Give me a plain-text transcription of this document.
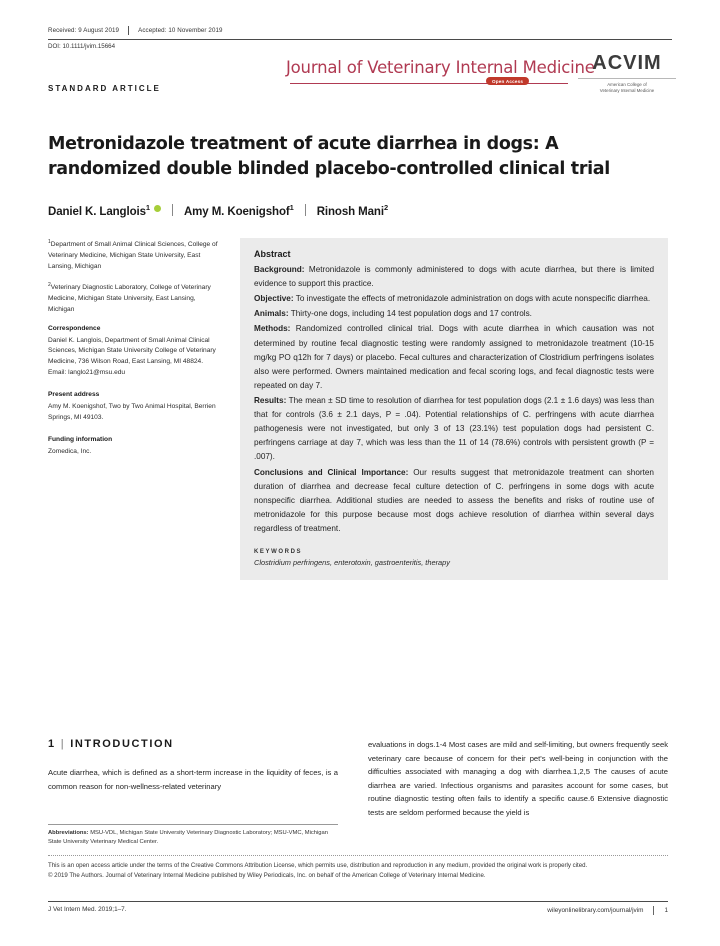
Received: 9 August 2019	Accepted: 10 November 2019
DOI: 10.1111/jvim.15664
STANDARD ARTICLE
Journal of Veterinary Internal Medicine
Open Access
ACVIM
American College of
Veterinary Internal Medicine
Metronidazole treatment of acute diarrhea in dogs: A randomized double blinded placebo-controlled clinical trial
Daniel K. Langlois$^1$	Amy M. Koenigshof$^1$ Rinosh Mani$^2$

$^1$Department of Small Animal Clinical Sciences, College of Veterinary Medicine, Michigan State University, East Lansing, Michigan

$^2$Veterinary Diagnostic Laboratory, College of Veterinary Medicine, Michigan State University, East Lansing, Michigan

Correspondence
Daniel K. Langlois, Department of Small Animal Clinical Sciences, Michigan State University College of Veterinary Medicine, 736 Wilson Road, East Lansing, MI 48824.
Email: langlo21@msu.edu
Present address
Amy M. Koenigshof, Two by Two Animal Hospital, Berrien Springs, MI 49103.
Funding information
Zomedica, Inc.
Abstract

Background: Metronidazole is commonly administered to dogs with acute diarrhea, but there is limited evidence to support this practice.

Objective: To investigate the effects of metronidazole administration on dogs with acute nonspecific diarrhea.

Animals: Thirty-one dogs, including 14 test population dogs and 17 controls.

Methods: Randomized controlled clinical trial. Dogs with acute diarrhea in which causation was not determined by routine fecal diagnostic testing were randomly assigned to metronidazole treatment (10-15 mg/kg PO q12h for 7 days) or placebo. Fecal cultures and characterization of Clostridium perfringens isolates also were performed. Owners maintained medication and fecal scoring logs, and fecal diagnostic tests were repeated on day 7.

Results: The mean ± SD time to resolution of diarrhea for test population dogs (2.1 ± 1.6 days) was less than that for controls (3.6 ± 2.1 days, P = .04). Potential relationships of C. perfringens with acute diarrhea pathogenesis were not investigated, but only 3 of 13 (23.1%) test population dogs had persistent C. perfringens carriage at day 7, which was less than the 11 of 14 (78.6%) controls with persistent growth (P = .007).

Conclusions and Clinical Importance: Our results suggest that metronidazole treatment can shorten duration of diarrhea and decrease fecal culture detection of C. perfringens in some dogs with acute nonspecific diarrhea. Additional studies are needed to assess the benefits and risks of routine use of metronidazole for this purpose because most dogs achieve resolution of diarrhea within several days regardless of treatment.

KEYWORDS
Clostridium perfringens, enterotoxin, gastroenteritis, therapy
1 | INTRODUCTION
Acute diarrhea, which is defined as a short-term increase in the liquidity of feces, is a common reason for non-wellness-related veterinary
evaluations in dogs.1-4 Most cases are mild and self-limiting, but owners frequently seek veterinary care because of concern for their pet's well-being in conjunction with the difficulties associated with managing a dog with diarrhea.1,2,5 The causes of acute diarrhea are varied. Infectious organisms and parasites account for some cases, but routine diagnostic testing often fails to identify a specific cause.6 Extensive diagnostic tests are seldom performed because the yield is
Abbreviations: MSU-VDL, Michigan State University Veterinary Diagnostic Laboratory; MSU-VMC, Michigan State University Veterinary Medical Center.
This is an open access article under the terms of the Creative Commons Attribution License, which permits use, distribution and reproduction in any medium, provided the original work is properly cited.
© 2019 The Authors. Journal of Veterinary Internal Medicine published by Wiley Periodicals, Inc. on behalf of the American College of Veterinary Internal Medicine.
J Vet Intern Med. 2019;1–7.	wileyonlinelibrary.com/journal/jvim	1
